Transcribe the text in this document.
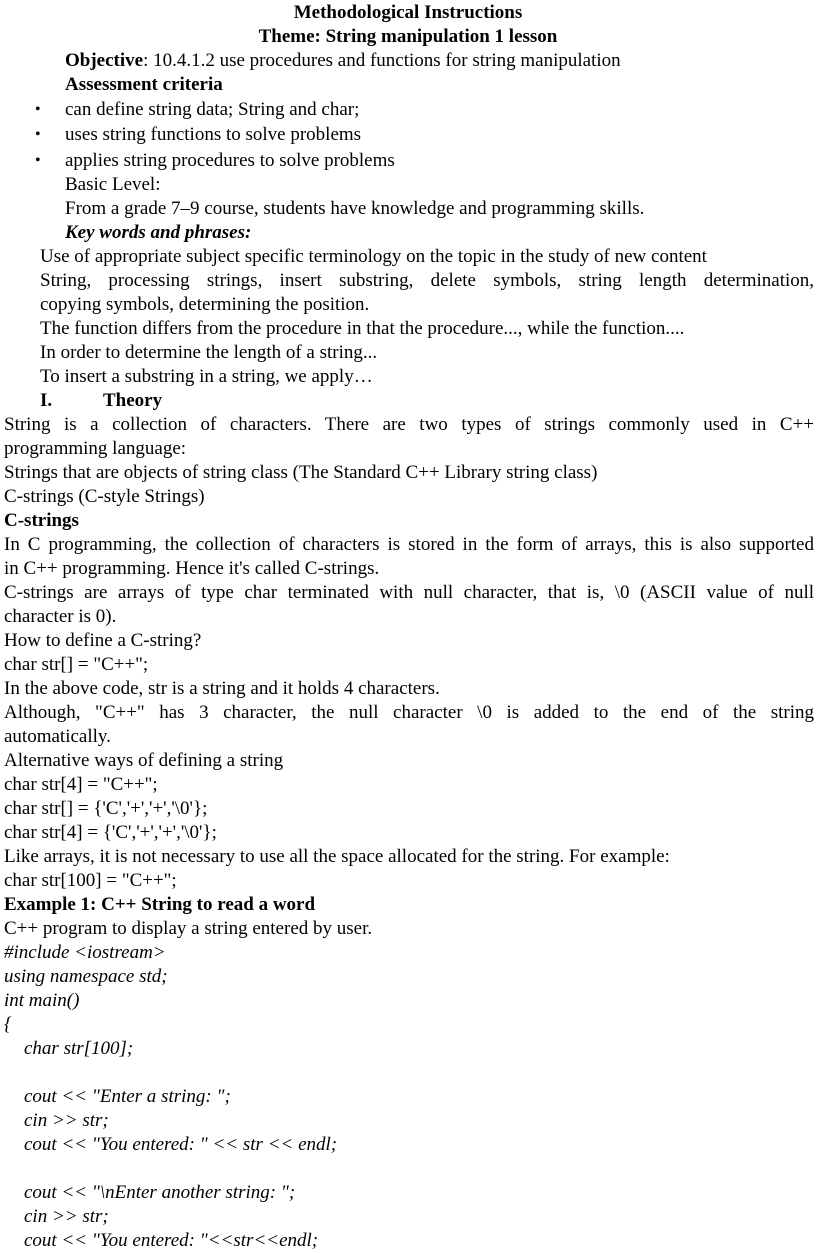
Methodological Instructions
Theme: String manipulation 1 lesson
Objective: 10.4.1.2 use procedures and functions for string manipulation
Assessment criteria
• can define string data; String and char;
• uses string functions to solve problems
• applies string procedures to solve problems
Basic Level:
From a grade 7–9 course, students have knowledge and programming skills.
Key words and phrases:
Use of appropriate subject specific terminology on the topic in the study of new content
String, processing strings, insert substring, delete symbols, string length determination,
copying symbols, determining the position.
The function differs from the procedure in that the procedure..., while the function....
In order to determine the length of a string...
To insert a substring in a string, we apply…
I.	Theory
String is a collection of characters. There are two types of strings commonly used in C++
programming language:
Strings that are objects of string class (The Standard C++ Library string class)
C-strings (C-style Strings)
C-strings
In C programming, the collection of characters is stored in the form of arrays, this is also supported
in C++ programming. Hence it's called C-strings.
C-strings are arrays of type char terminated with null character, that is, \0 (ASCII value of null
character is 0).
How to define a C-string?
char str[] = "C++";
In the above code, str is a string and it holds 4 characters.
Although, "C++" has 3 character, the null character \0 is added to the end of the string
automatically.
Alternative ways of defining a string
char str[4] = "C++";
char str[] = {'C','+','+','\0'};
char str[4] = {'C','+','+','\0'};
Like arrays, it is not necessary to use all the space allocated for the string. For example:
char str[100] = "C++";
Example 1: C++ String to read a word
C++ program to display a string entered by user.
#include <iostream>
using namespace std;
int main()
{
char str[100];
cout << "Enter a string: ";
cin >> str;
cout << "You entered: " << str << endl;
cout << "\nEnter another string: ";
cin >> str;
cout << "You entered: "<<str<<endl;
